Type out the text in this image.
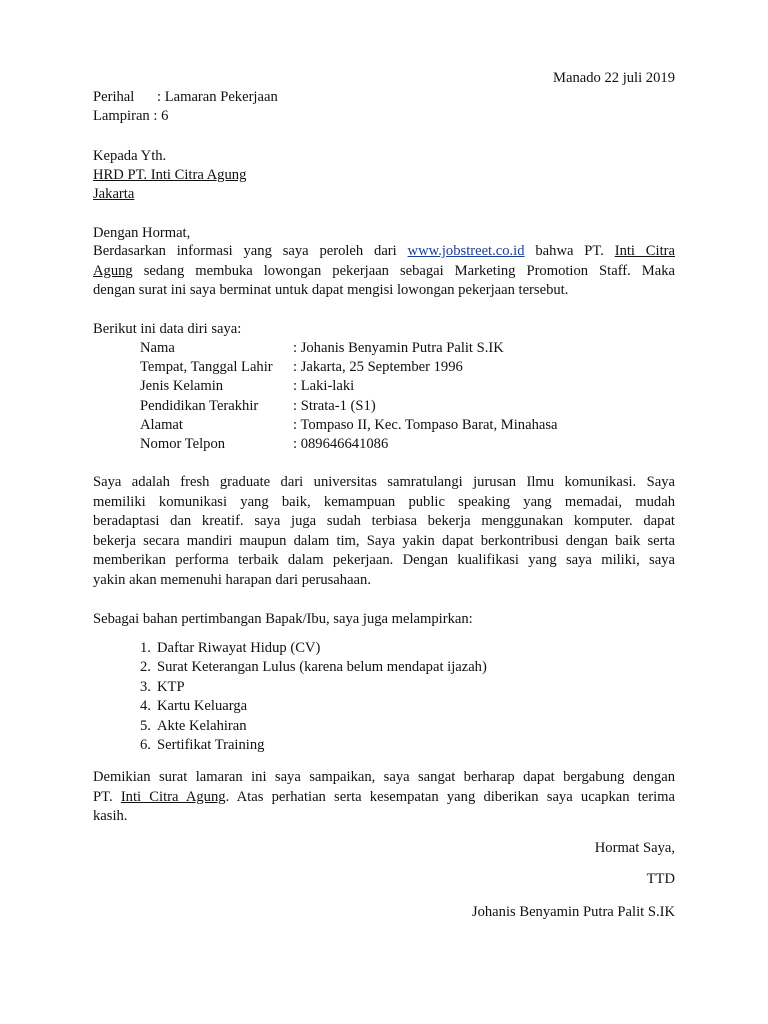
Manado 22 juli 2019
Perihal : Lamaran Pekerjaan
Lampiran : 6
Kepada Yth.
HRD PT. Inti Citra Agung
Jakarta
Dengan Hormat,
Berdasarkan informasi yang saya peroleh dari www.jobstreet.co.id bahwa PT. Inti Citra
Agung sedang membuka lowongan pekerjaan sebagai Marketing Promotion Staff. Maka
dengan surat ini saya berminat untuk dapat mengisi lowongan pekerjaan tersebut.
Berikut ini data diri saya:
Nama	: Johanis Benyamin Putra Palit S.IK
Tempat, Tanggal Lahir : Jakarta, 25 September 1996
Jenis Kelamin	: Laki-laki
Pendidikan Terakhir : Strata-1 (S1)
Alamat	: Tompaso II, Kec. Tompaso Barat, Minahasa
Nomor Telpon	: 089646641086
Saya adalah fresh graduate dari universitas samratulangi jurusan Ilmu komunikasi. Saya
memiliki komunikasi yang baik, kemampuan public speaking yang memadai, mudah
beradaptasi dan kreatif. saya juga sudah terbiasa bekerja menggunakan komputer. dapat
bekerja secara mandiri maupun dalam tim, Saya yakin dapat berkontribusi dengan baik serta
memberikan performa terbaik dalam pekerjaan. Dengan kualifikasi yang saya miliki, saya
yakin akan memenuhi harapan dari perusahaan.
Sebagai bahan pertimbangan Bapak/Ibu, saya juga melampirkan:
1. Daftar Riwayat Hidup (CV)
2. Surat Keterangan Lulus (karena belum mendapat ijazah)
3. KTP
4. Kartu Keluarga
5. Akte Kelahiran
6. Sertifikat Training
Demikian surat lamaran ini saya sampaikan, saya sangat berharap dapat bergabung dengan
PT. Inti Citra Agung. Atas perhatian serta kesempatan yang diberikan saya ucapkan terima
kasih.
Hormat Saya,
TTD
Johanis Benyamin Putra Palit S.IK
